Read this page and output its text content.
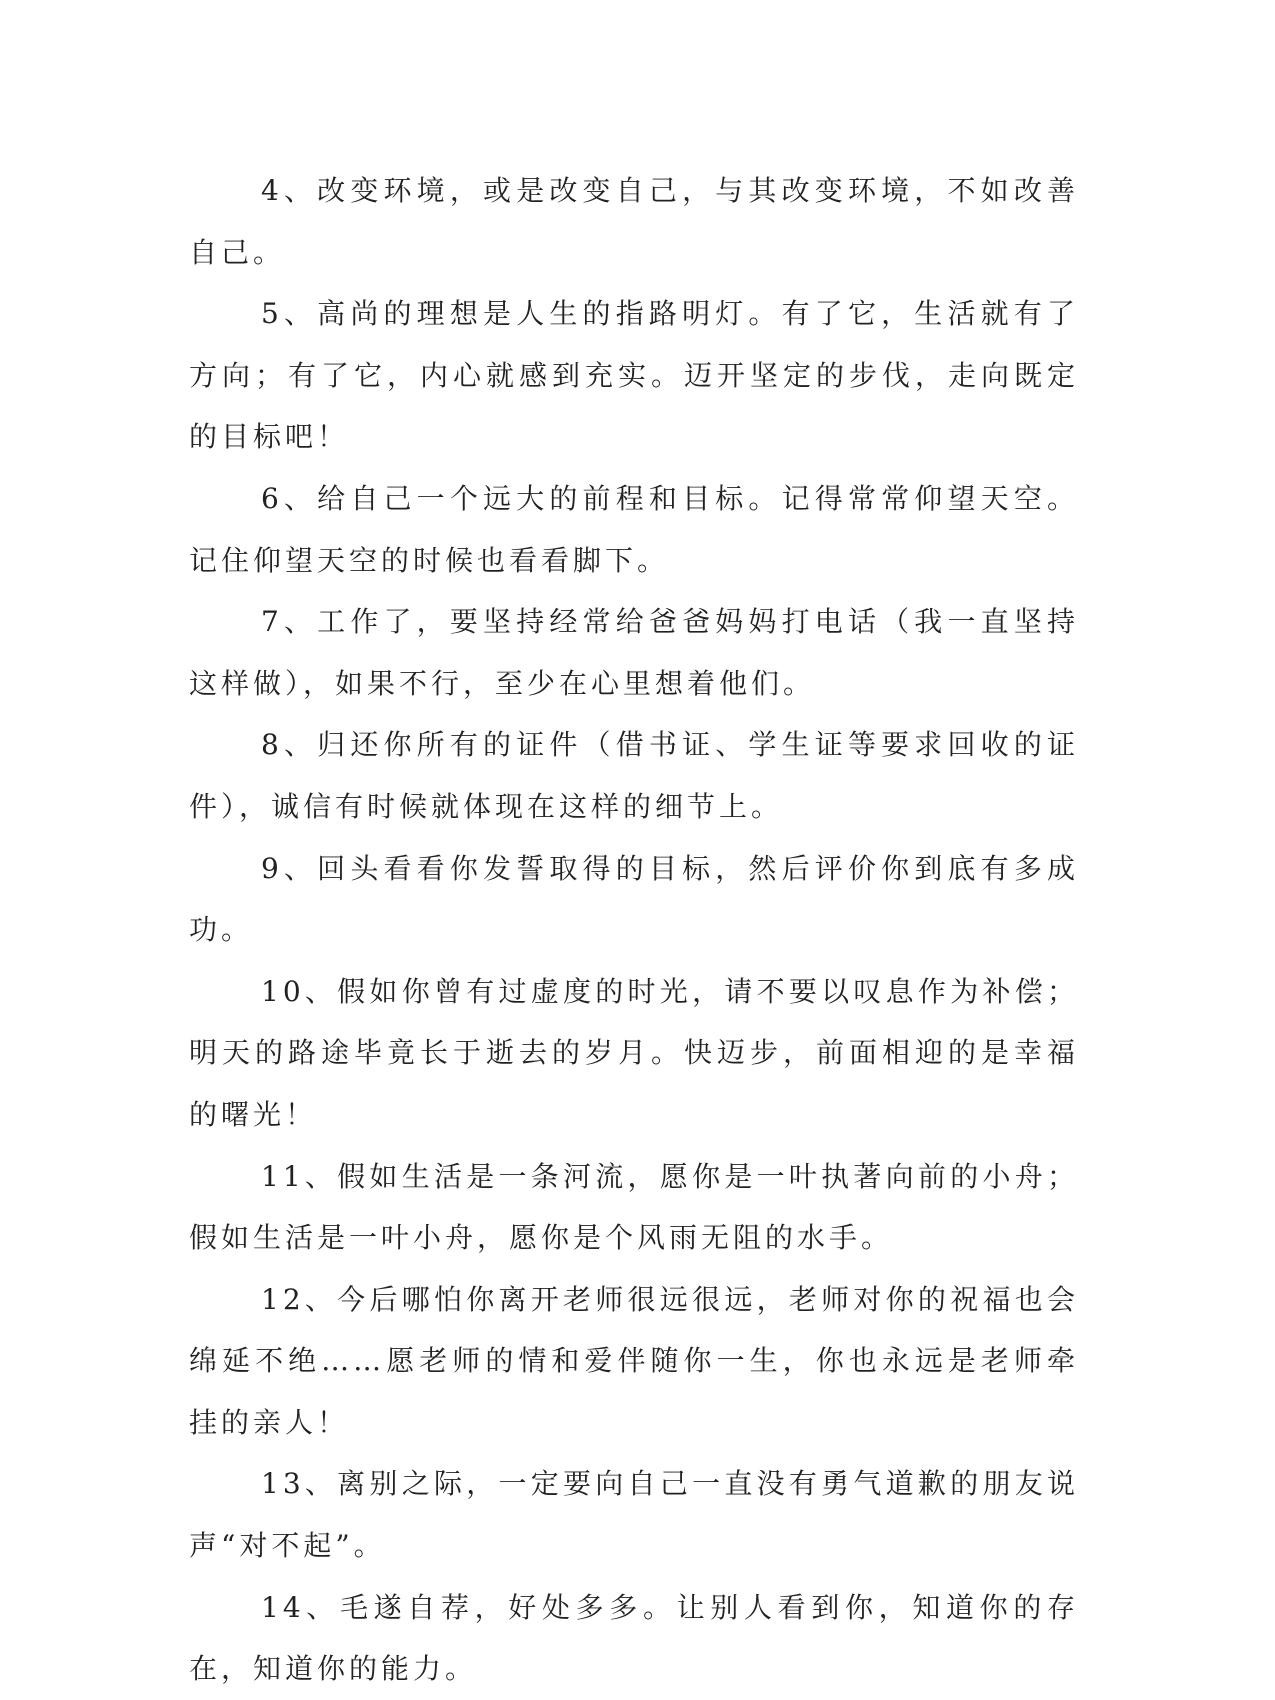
4、改变环境，或是改变自己，与其改变环境，不如改善自己。

5、高尚的理想是人生的指路明灯。有了它，生活就有了方向；有了它，内心就感到充实。迈开坚定的步伐，走向既定的目标吧！

6、给自己一个远大的前程和目标。记得常常仰望天空。记住仰望天空的时候也看看脚下。

7、工作了，要坚持经常给爸爸妈妈打电话（我一直坚持这样做），如果不行，至少在心里想着他们。

8、归还你所有的证件（借书证、学生证等要求回收的证件），诚信有时候就体现在这样的细节上。

9、回头看看你发誓取得的目标，然后评价你到底有多成功。

10、假如你曾有过虚度的时光，请不要以叹息作为补偿；明天的路途毕竟长于逝去的岁月。快迈步，前面相迎的是幸福的曙光！

11、假如生活是一条河流，愿你是一叶执著向前的小舟；假如生活是一叶小舟，愿你是个风雨无阻的水手。

12、今后哪怕你离开老师很远很远，老师对你的祝福也会绵延不绝……愿老师的情和爱伴随你一生，你也永远是老师牵挂的亲人！

13、离别之际，一定要向自己一直没有勇气道歉的朋友说声“对不起”。

14、毛遂自荐，好处多多。让别人看到你，知道你的存在，知道你的能力。
